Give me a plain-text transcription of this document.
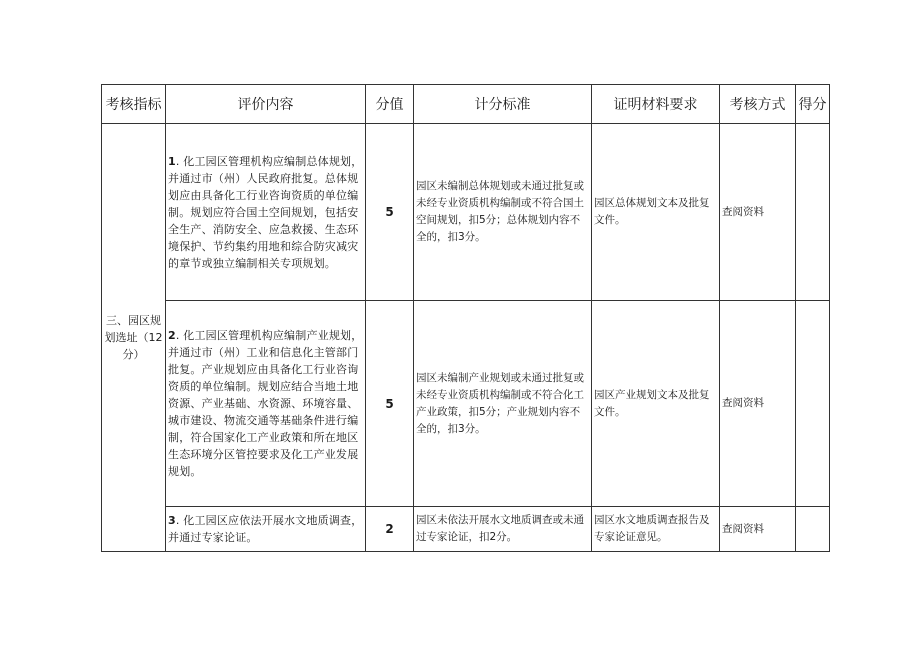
考核指标	评价内容	分值	计分标准	证明材料要求	考核方式	得分
三、园区规划选址（12分）	1. 化工园区管理机构应编制总体规划，并通过市（州）人民政府批复。总体规划应由具备化工行业咨询资质的单位编制。规划应符合国土空间规划，包括安全生产、消防安全、应急救援、生态环境保护、节约集约用地和综合防灾减灾的章节或独立编制相关专项规划。	5	园区未编制总体规划或未通过批复或未经专业资质机构编制或不符合国土空间规划，扣5分；总体规划内容不全的，扣3分。	园区总体规划文本及批复文件。	查阅资料	
	2. 化工园区管理机构应编制产业规划，并通过市（州）工业和信息化主管部门批复。产业规划应由具备化工行业咨询资质的单位编制。规划应结合当地土地资源、产业基础、水资源、环境容量、城市建设、物流交通等基础条件进行编制，符合国家化工产业政策和所在地区生态环境分区管控要求及化工产业发展规划。	5	园区未编制产业规划或未通过批复或未经专业资质机构编制或不符合化工产业政策，扣5分；产业规划内容不全的，扣3分。	园区产业规划文本及批复文件。	查阅资料	
	3. 化工园区应依法开展水文地质调查，并通过专家论证。	2	园区未依法开展水文地质调查或未通过专家论证，扣2分。	园区水文地质调查报告及专家论证意见。	查阅资料	
